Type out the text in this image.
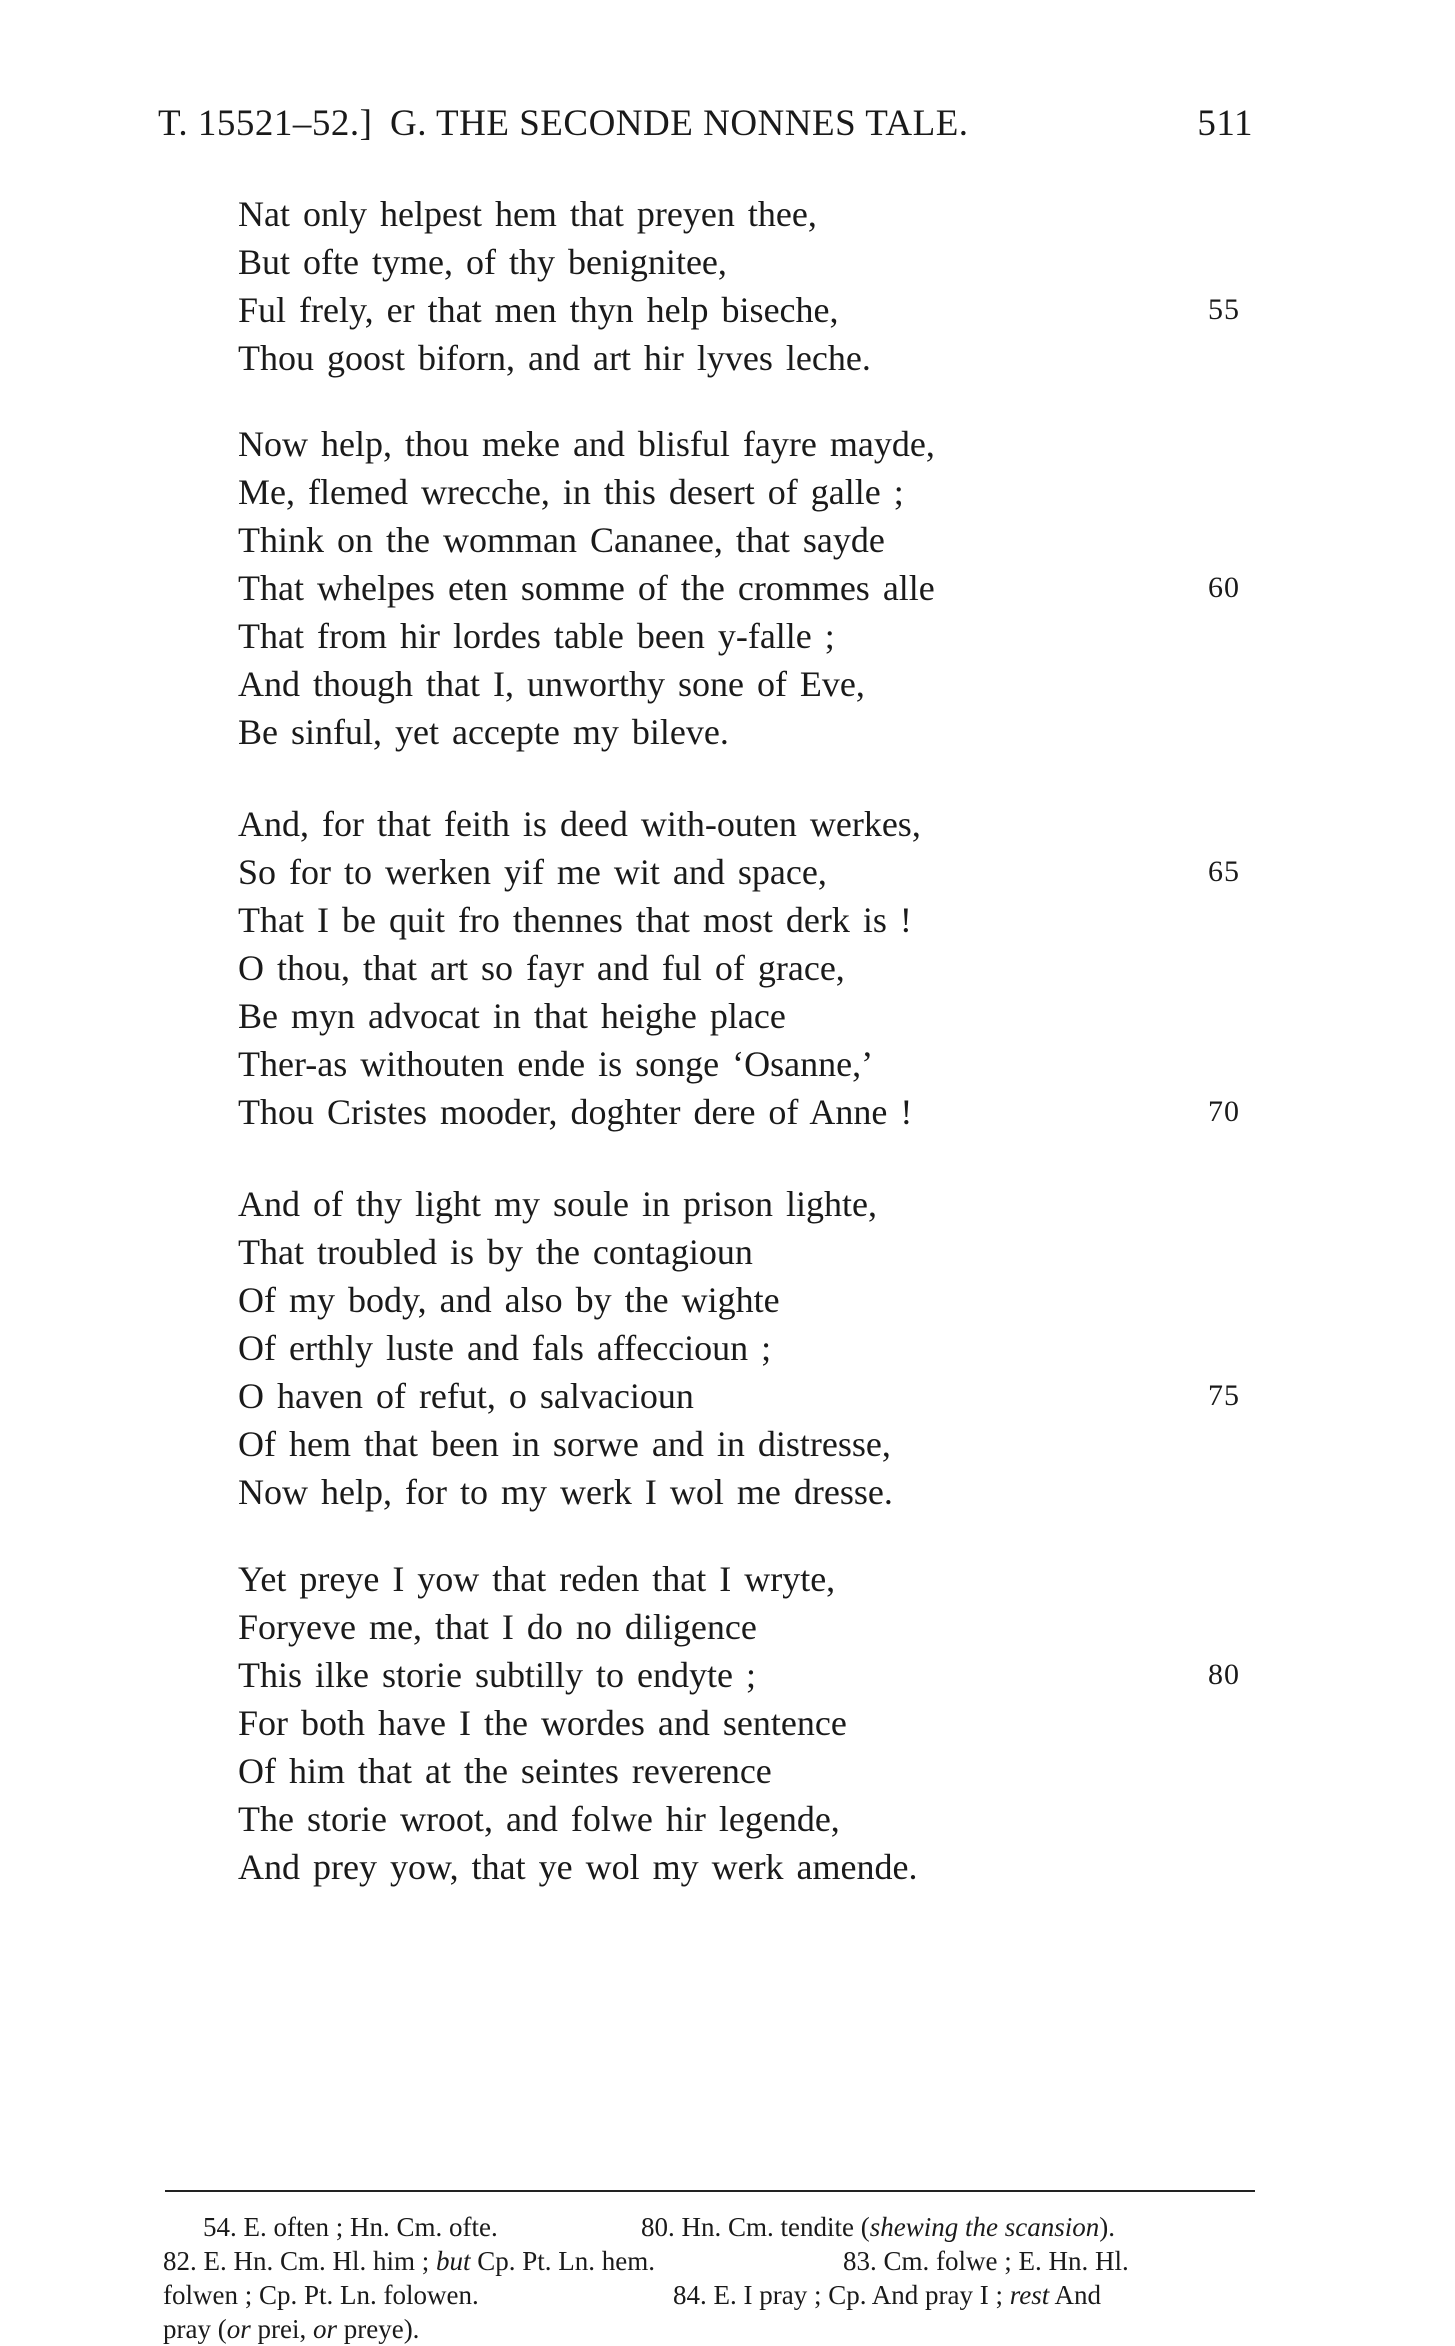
T. 15521–52.] G. THE SECONDE NONNES TALE.	511
Nat only helpest hem that preyen thee,
But ofte tyme, of thy benignitee,
Ful frely, er that men thyn help biseche,	55
Thou goost biforn, and art hir lyves leche.
Now help, thou meke and blisful fayre mayde,
Me, flemed wrecche, in this desert of galle ;
Think on the womman Cananee, that sayde
That whelpes eten somme of the crommes alle	60
That from hir lordes table been y-falle ;
And though that I, unworthy sone of Eve,
Be sinful, yet accepte my bileve.
And, for that feith is deed with-outen werkes,
So for to werken yif me wit and space,	65
That I be quit fro thennes that most derk is !
O thou, that art so fayr and ful of grace,
Be myn advocat in that heighe place
Ther-as withouten ende is songe ‘Osanne,’
Thou Cristes mooder, doghter dere of Anne !	70
And of thy light my soule in prison lighte,
That troubled is by the contagioun
Of my body, and also by the wighte
Of erthly luste and fals affeccioun ;
O haven of refut, o salvacioun	75
Of hem that been in sorwe and in distresse,
Now help, for to my werk I wol me dresse.
Yet preye I yow that reden that I wryte,
Foryeve me, that I do no diligence
This ilke storie subtilly to endyte ;	80
For both have I the wordes and sentence
Of him that at the seintes reverence
The storie wroot, and folwe hir legende,
And prey yow, that ye wol my werk amende.
54. E. often ; Hn. Cm. ofte.	80. Hn. Cm. tendite (shewing the scansion).
82. E. Hn. Cm. Hl. him ; but Cp. Pt. Ln. hem.	83. Cm. folwe ; E. Hn. Hl.
folwen ; Cp. Pt. Ln. folowen.	84. E. I pray ; Cp. And pray I ; rest And
pray (or prei, or preye).
